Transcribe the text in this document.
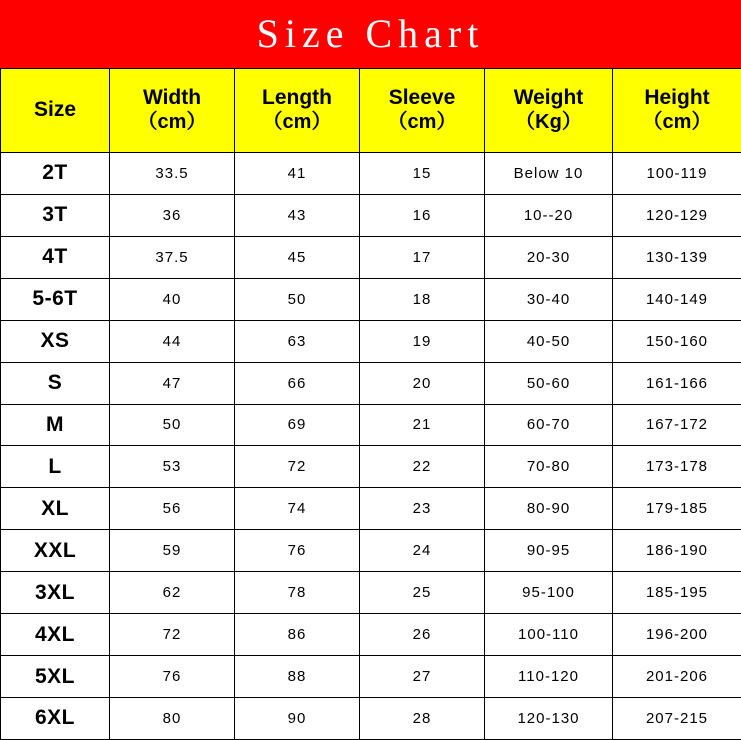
Size Chart
Size	Width
（cm）	Length
（cm）	Sleeve
（cm）	Weight
（Kg）	Height
（cm）

2T	33.5	41	15	Below 10	100-119
3T	36	43	16	10--20	120-129
4T	37.5	45	17	20-30	130-139
5-6T	40	50	18	30-40	140-149
XS	44	63	19	40-50	150-160
S	47	66	20	50-60	161-166
M	50	69	21	60-70	167-172
L	53	72	22	70-80	173-178
XL	56	74	23	80-90	179-185
XXL	59	76	24	90-95	186-190
3XL	62	78	25	95-100	185-195
4XL	72	86	26	100-110	196-200
5XL	76	88	27	110-120	201-206
6XL	80	90	28	120-130	207-215
